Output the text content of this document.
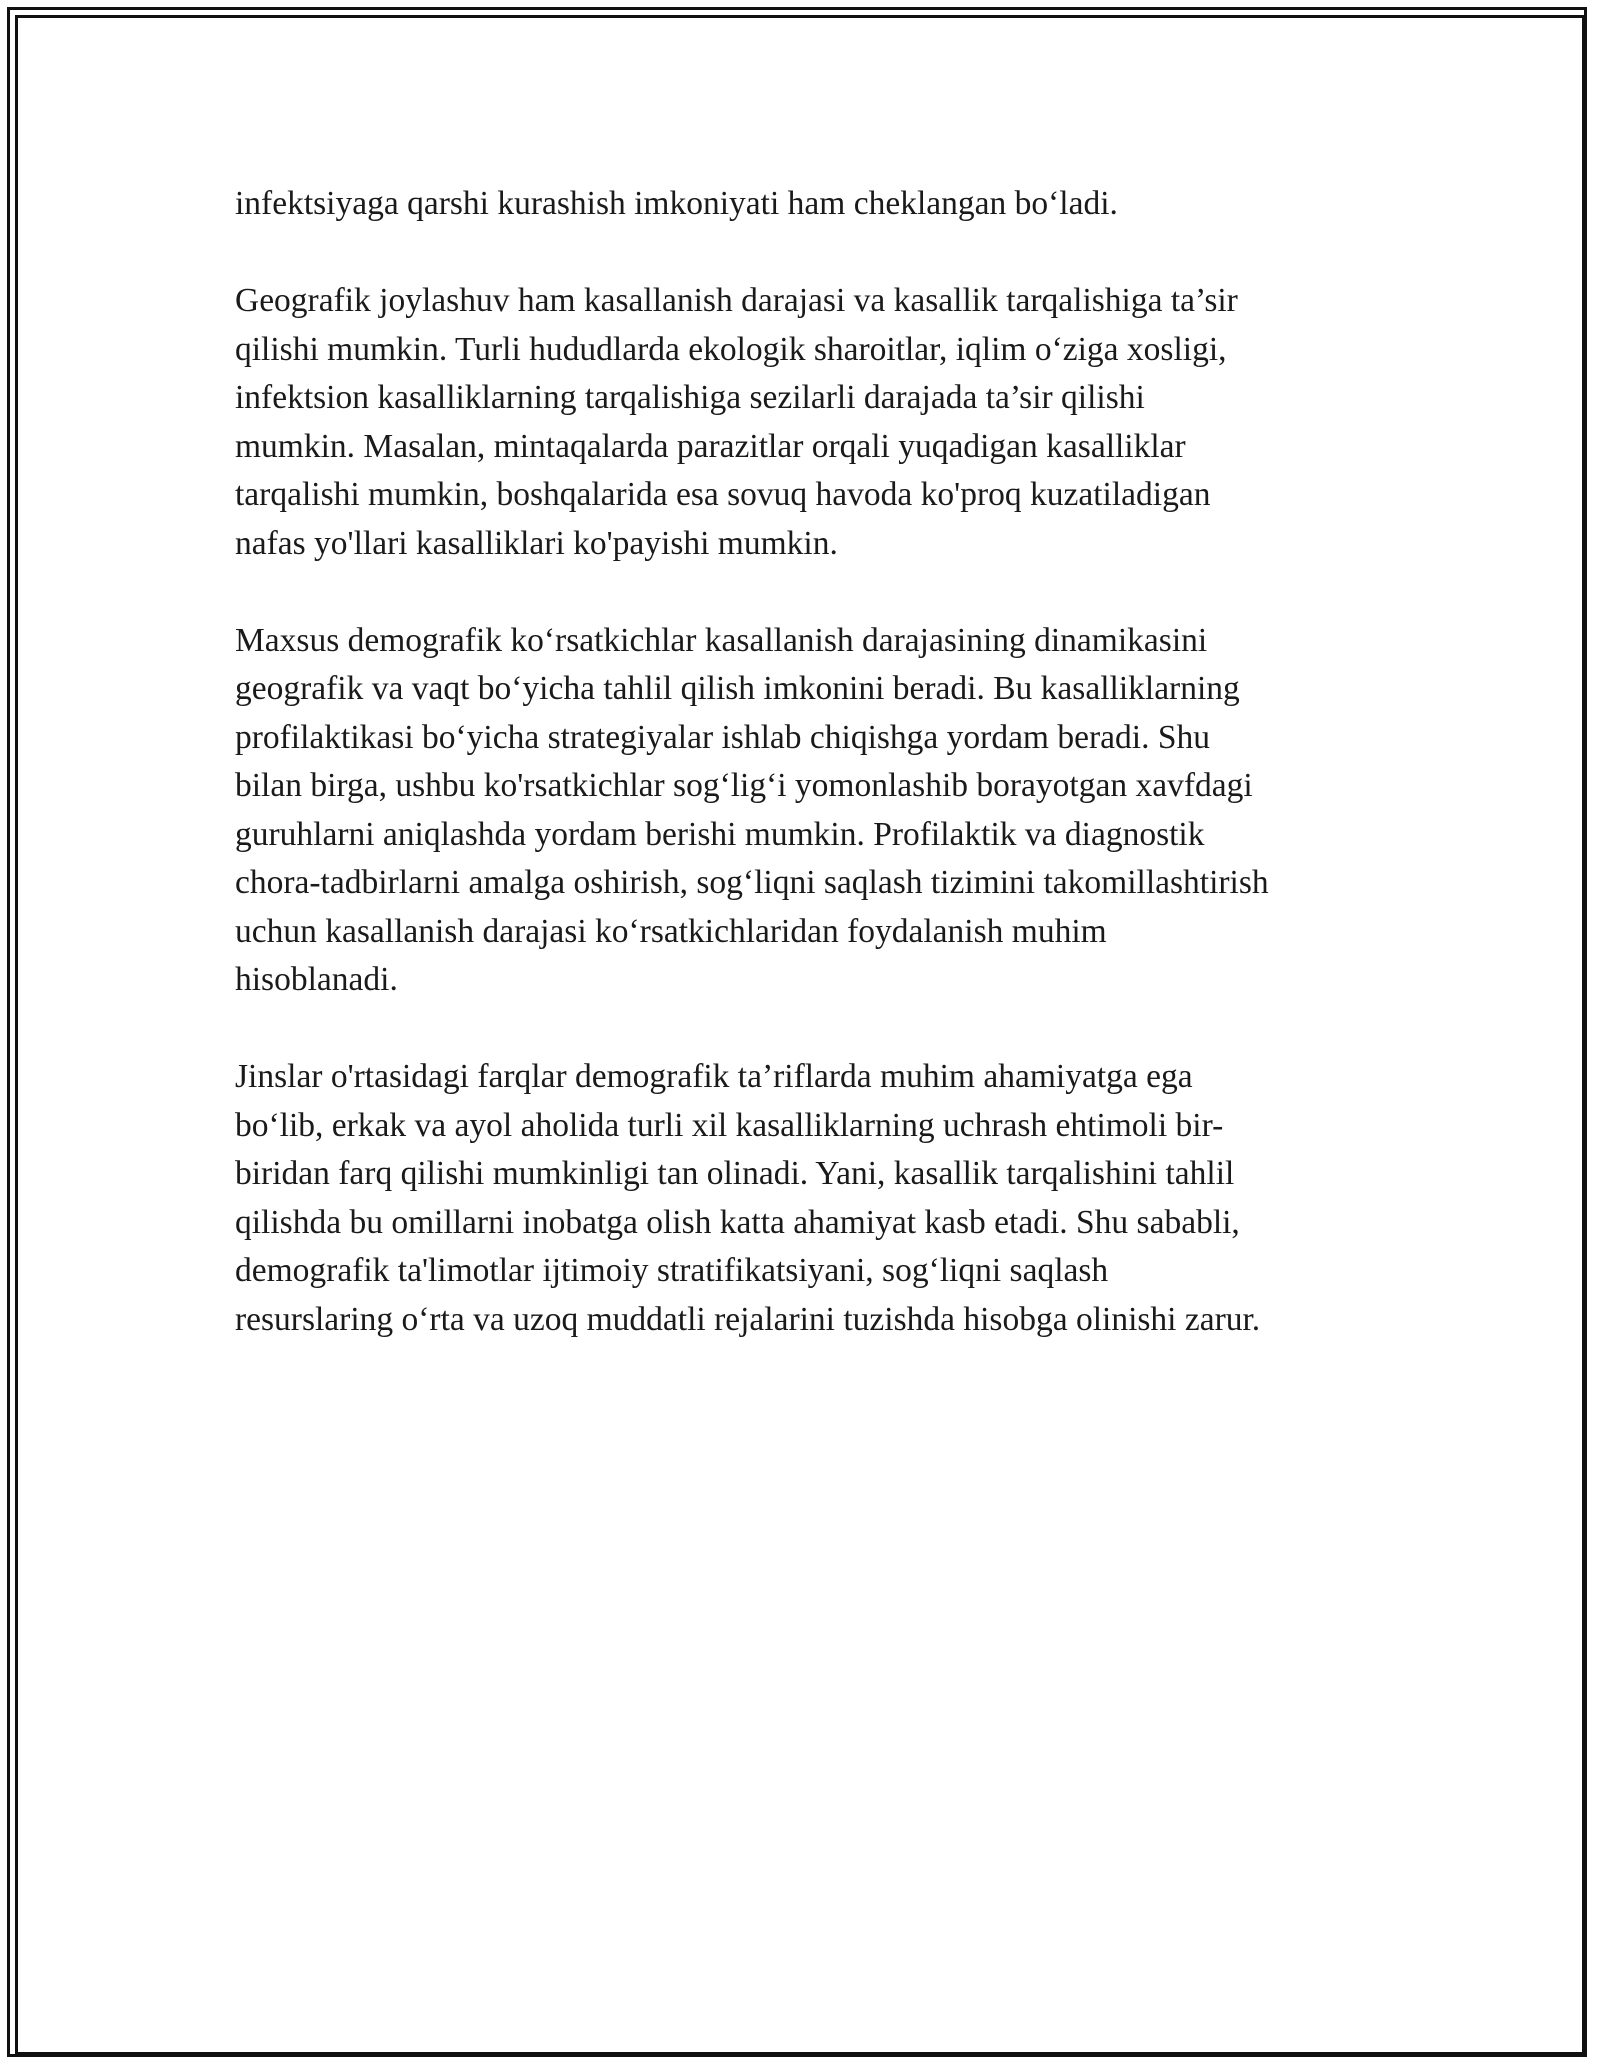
infektsiyaga qarshi kurashish imkoniyati ham cheklangan bo‘ladi.

Geografik joylashuv ham kasallanish darajasi va kasallik tarqalishiga ta’sir
qilishi mumkin. Turli hududlarda ekologik sharoitlar, iqlim o‘ziga xosligi,
infektsion kasalliklarning tarqalishiga sezilarli darajada ta’sir qilishi
mumkin. Masalan, mintaqalarda parazitlar orqali yuqadigan kasalliklar
tarqalishi mumkin, boshqalarida esa sovuq havoda ko'proq kuzatiladigan
nafas yo'llari kasalliklari ko'payishi mumkin.

Maxsus demografik ko‘rsatkichlar kasallanish darajasining dinamikasini
geografik va vaqt bo‘yicha tahlil qilish imkonini beradi. Bu kasalliklarning
profilaktikasi bo‘yicha strategiyalar ishlab chiqishga yordam beradi. Shu
bilan birga, ushbu ko'rsatkichlar sog‘lig‘i yomonlashib borayotgan xavfdagi
guruhlarni aniqlashda yordam berishi mumkin. Profilaktik va diagnostik
chora-tadbirlarni amalga oshirish, sog‘liqni saqlash tizimini takomillashtirish
uchun kasallanish darajasi ko‘rsatkichlaridan foydalanish muhim
hisoblanadi.

Jinslar o'rtasidagi farqlar demografik ta’riflarda muhim ahamiyatga ega
bo‘lib, erkak va ayol aholida turli xil kasalliklarning uchrash ehtimoli bir-
biridan farq qilishi mumkinligi tan olinadi. Yani, kasallik tarqalishini tahlil
qilishda bu omillarni inobatga olish katta ahamiyat kasb etadi. Shu sababli,
demografik ta'limotlar ijtimoiy stratifikatsiyani, sog‘liqni saqlash
resurslaring o‘rta va uzoq muddatli rejalarini tuzishda hisobga olinishi zarur.
